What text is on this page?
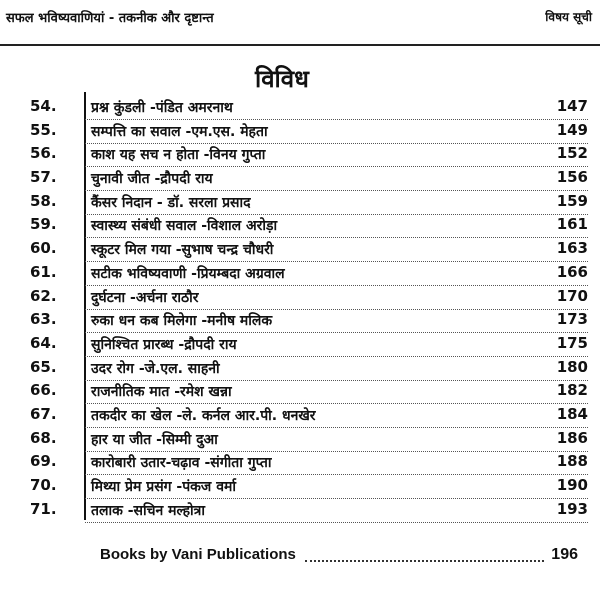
सफल भविष्यवाणियां - तकनीक और दृष्टान्त	विषय सूची
विविध
54.	प्रश्न कुंडली -पंडित अमरनाथ	147
55.	सम्पत्ति का सवाल -एम.एस. मेहता	149
56.	काश यह सच न होता -विनय गुप्ता	152
57.	चुनावी जीत -द्रौपदी राय	156
58.	कैंसर निदान - डॉ. सरला प्रसाद	159
59.	स्वास्थ्य संबंधी सवाल -विशाल अरोड़ा	161
60.	स्कूटर मिल गया -सुभाष चन्द्र चौधरी	163
61.	सटीक भविष्यवाणी -प्रियम्बदा अग्रवाल	166
62.	दुर्घटना -अर्चना राठौर	170
63.	रुका धन कब मिलेगा -मनीष मलिक	173
64.	सुनिश्चित प्रारब्ध -द्रौपदी राय	175
65.	उदर रोग -जे.एल. साहनी	180
66.	राजनीतिक मात -रमेश खन्ना	182
67.	तकदीर का खेल -ले. कर्नल आर.पी. धनखेर	184
68.	हार या जीत -सिम्मी दुआ	186
69.	कारोबारी उतार-चढ़ाव -संगीता गुप्ता	188
70.	मिथ्या प्रेम प्रसंग -पंकज वर्मा	190
71.	तलाक -सचिन मल्होत्रा	193
Books by Vani Publications	196
